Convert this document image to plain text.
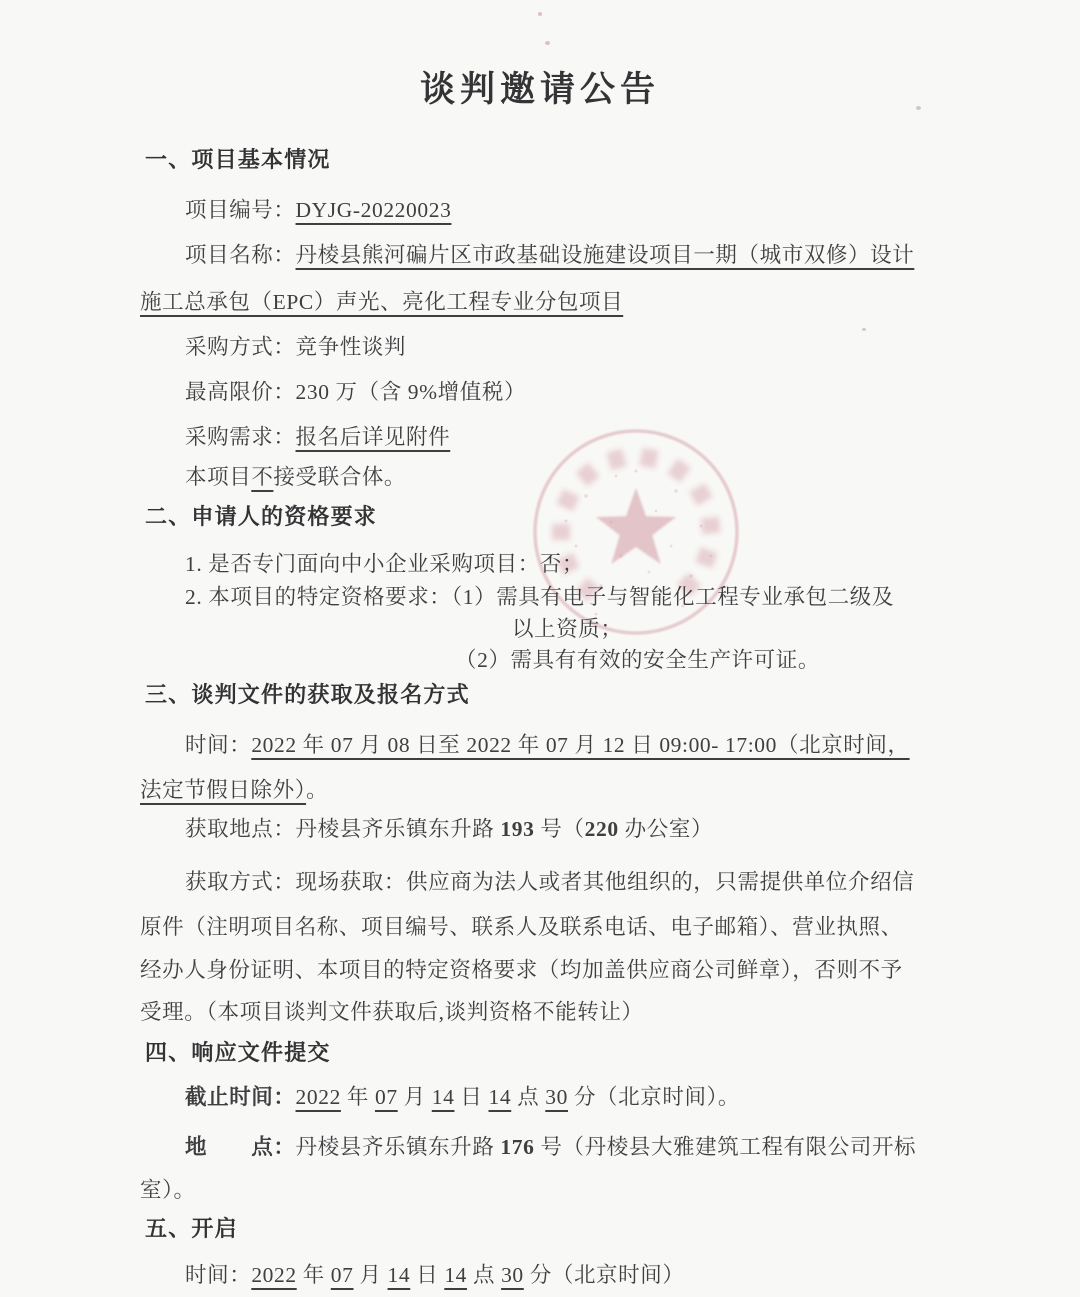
谈判邀请公告
一、项目基本情况
项目编号：DYJG-20220023
项目名称：丹棱县熊河碥片区市政基础设施建设项目一期（城市双修）设计
施工总承包（EPC）声光、亮化工程专业分包项目
采购方式：竞争性谈判
最高限价：230 万（含 9%增值税）
采购需求：报名后详见附件
本项目不接受联合体。
二、申请人的资格要求
1. 是否专门面向中小企业采购项目：否；
2. 本项目的特定资格要求：（1）需具有电子与智能化工程专业承包二级及
以上资质；
（2）需具有有效的安全生产许可证。
三、谈判文件的获取及报名方式
时间：2022 年 07 月 08 日至 2022 年 07 月 12 日 09:00- 17:00（北京时间，
法定节假日除外）。
获取地点：丹棱县齐乐镇东升路 193 号（220 办公室）
获取方式：现场获取：供应商为法人或者其他组织的，只需提供单位介绍信
原件（注明项目名称、项目编号、联系人及联系电话、电子邮箱）、营业执照、
经办人身份证明、本项目的特定资格要求（均加盖供应商公司鲜章），否则不予
受理。（本项目谈判文件获取后,谈判资格不能转让）
四、响应文件提交
截止时间：2022 年 07 月 14 日 14 点 30 分（北京时间）。
地　　点：丹棱县齐乐镇东升路 176 号（丹棱县大雅建筑工程有限公司开标
室）。
五、开启
时间：2022 年 07 月 14 日 14 点 30 分（北京时间）
